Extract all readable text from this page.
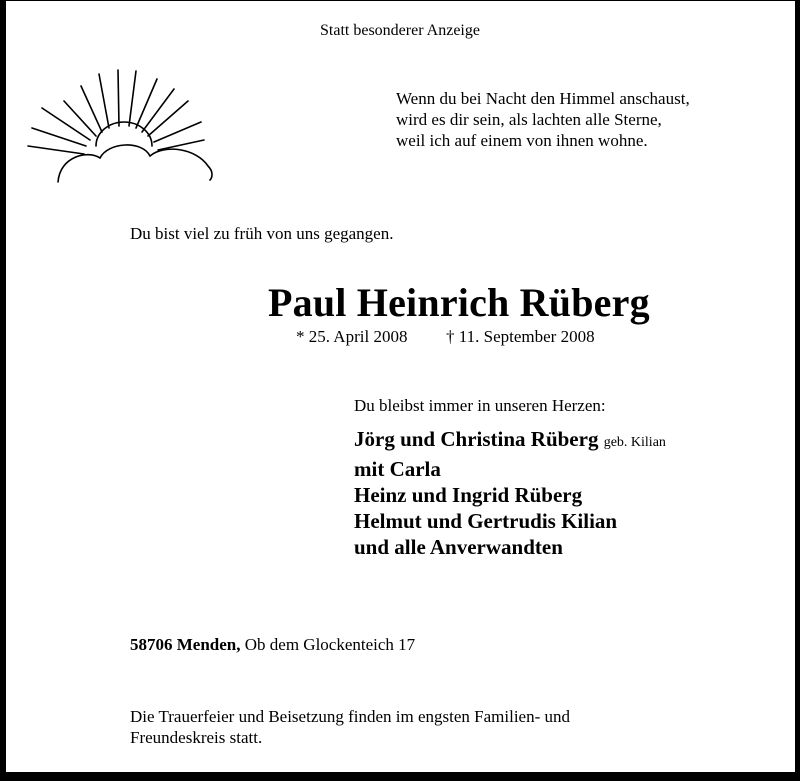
Statt besonderer Anzeige
Wenn du bei Nacht den Himmel anschaust,
wird es dir sein, als lachten alle Sterne,
weil ich auf einem von ihnen wohne.
Du bist viel zu früh von uns gegangen.
Paul Heinrich Rüberg
* 25. April 2008 † 11. September 2008
Du bleibst immer in unseren Herzen:
Jörg und Christina Rüberg geb. Kilian
mit Carla
Heinz und Ingrid Rüberg
Helmut und Gertrudis Kilian
und alle Anverwandten
58706 Menden, Ob dem Glockenteich 17
Die Trauerfeier und Beisetzung finden im engsten Familien- und
Freundeskreis statt.
